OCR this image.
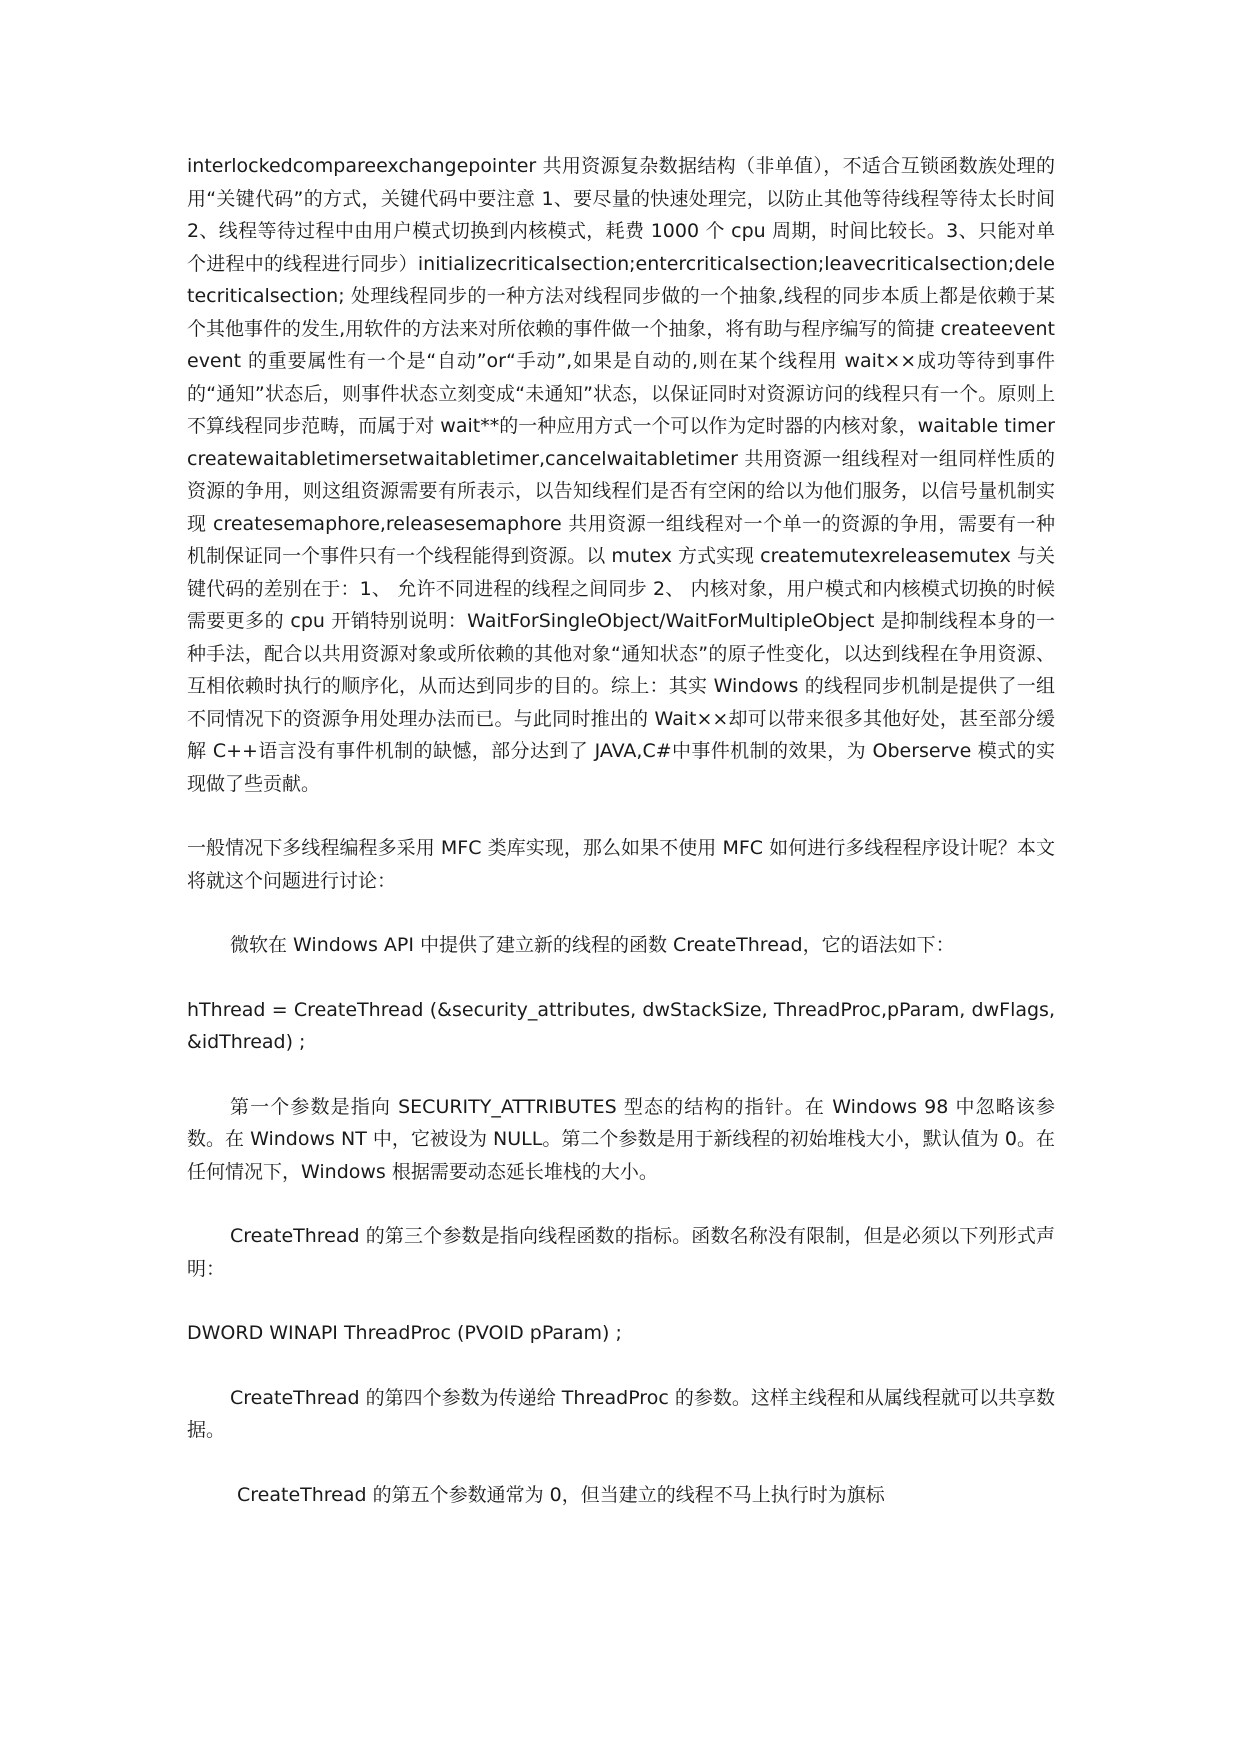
interlockedcompareexchangepointer 共用资源复杂数据结构（非单值），不适合互锁函数族处理的用“关键代码”的方式，关键代码中要注意 1、要尽量的快速处理完，以防止其他等待线程等待太长时间 2、线程等待过程中由用户模式切换到内核模式，耗费 1000 个 cpu 周期，时间比较长。3、只能对单个进程中的线程进行同步）initializecriticalsection;entercriticalsection;leavecriticalsection;deletecriticalsection; 处理线程同步的一种方法对线程同步做的一个抽象,线程的同步本质上都是依赖于某个其他事件的发生,用软件的方法来对所依赖的事件做一个抽象，将有助与程序编写的简捷 createeventevent 的重要属性有一个是“自动”or“手动”,如果是自动的,则在某个线程用 wait××成功等待到事件的“通知”状态后，则事件状态立刻变成“未通知”状态，以保证同时对资源访问的线程只有一个。原则上不算线程同步范畴，而属于对 wait**的一种应用方式一个可以作为定时器的内核对象，waitable timercreatewaitabletimersetwaitabletimer,cancelwaitabletimer 共用资源一组线程对一组同样性质的资源的争用，则这组资源需要有所表示，以告知线程们是否有空闲的给以为他们服务，以信号量机制实现 createsemaphore,releasesemaphore 共用资源一组线程对一个单一的资源的争用，需要有一种机制保证同一个事件只有一个线程能得到资源。以 mutex 方式实现 createmutexreleasemutex 与关键代码的差别在于：1、 允许不同进程的线程之间同步 2、 内核对象，用户模式和内核模式切换的时候需要更多的 cpu 开销特别说明：WaitForSingleObject/WaitForMultipleObject 是抑制线程本身的一种手法，配合以共用资源对象或所依赖的其他对象“通知状态”的原子性变化，以达到线程在争用资源、互相依赖时执行的顺序化，从而达到同步的目的。综上：其实 Windows 的线程同步机制是提供了一组不同情况下的资源争用处理办法而已。与此同时推出的 Wait××却可以带来很多其他好处，甚至部分缓解 C++语言没有事件机制的缺憾，部分达到了 JAVA,C#中事件机制的效果，为 Oberserve 模式的实现做了些贡献。

一般情况下多线程编程多采用 MFC 类库实现，那么如果不使用 MFC 如何进行多线程程序设计呢？本文将就这个问题进行讨论：

微软在 Windows API 中提供了建立新的线程的函数 CreateThread，它的语法如下：

hThread = CreateThread (&security_attributes, dwStackSize, ThreadProc,pParam, dwFlags, &idThread) ;

第一个参数是指向 SECURITY_ATTRIBUTES 型态的结构的指针。在 Windows 98 中忽略该参数。在 Windows NT 中，它被设为 NULL。第二个参数是用于新线程的初始堆栈大小，默认值为 0。在任何情况下，Windows 根据需要动态延长堆栈的大小。

CreateThread 的第三个参数是指向线程函数的指标。函数名称没有限制，但是必须以下列形式声明：

DWORD WINAPI ThreadProc (PVOID pParam) ;

CreateThread 的第四个参数为传递给 ThreadProc 的参数。这样主线程和从属线程就可以共享数据。

CreateThread 的第五个参数通常为 0，但当建立的线程不马上执行时为旗标
